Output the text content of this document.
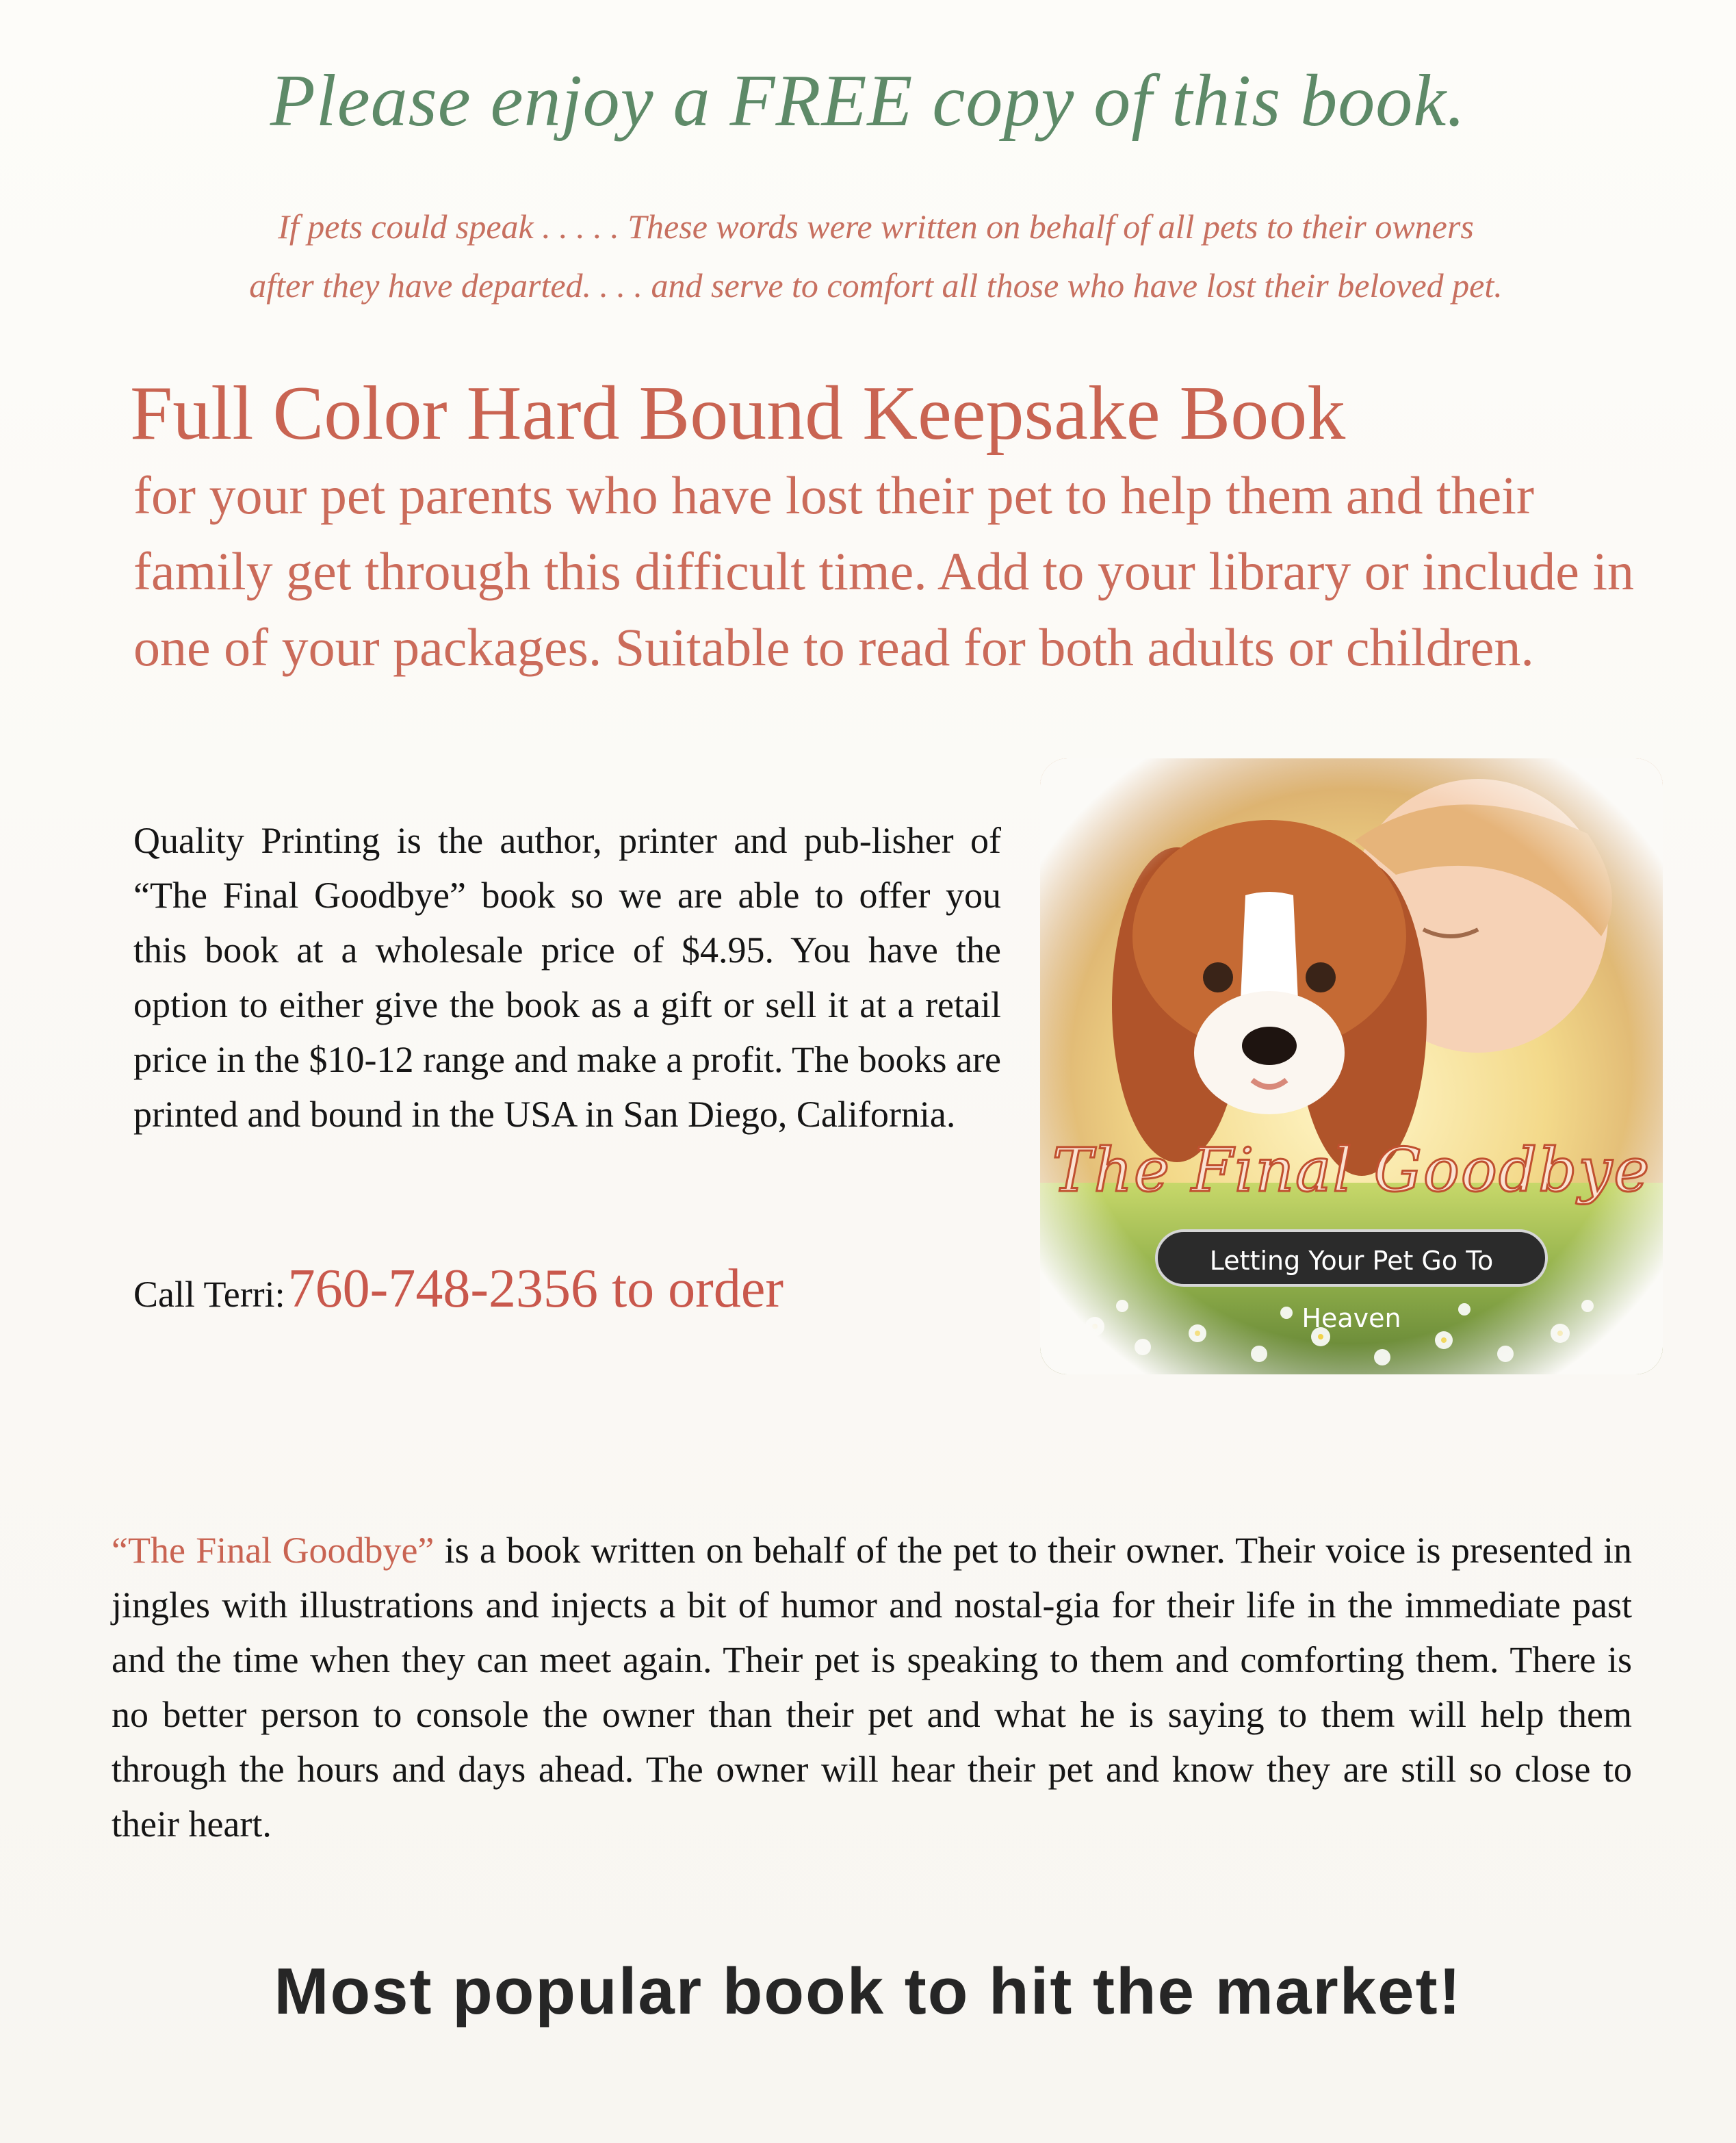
Please enjoy a FREE copy of this book.
If pets could speak . . . . . These words were written on behalf of all pets to their owners
after they have departed. . . . and serve to comfort all those who have lost their beloved pet.
Full Color Hard Bound Keepsake Book
for your pet parents who have lost their pet to help them and their family get through this difficult time. Add to your library or include in one of your packages. Suitable to read for both adults or children.
Quality Printing is the author, printer and pub-lisher of “The Final Goodbye” book so we are able to offer you this book at a wholesale price of $4.95. You have the option to either give the book as a gift or sell it at a retail price in the $10-12 range and make a profit. The books are printed and bound in the USA in San Diego, California.
Call Terri: 760-748-2356 to order
The Final Goodbye
Letting Your Pet Go To Heaven
“The Final Goodbye” is a book written on behalf of the pet to their owner. Their voice is presented in jingles with illustrations and injects a bit of humor and nostal-gia for their life in the immediate past and the time when they can meet again. Their pet is speaking to them and comforting them. There is no better person to console the owner than their pet and what he is saying to them will help them through the hours and days ahead. The owner will hear their pet and know they are still so close to their heart.
Most popular book to hit the market!
